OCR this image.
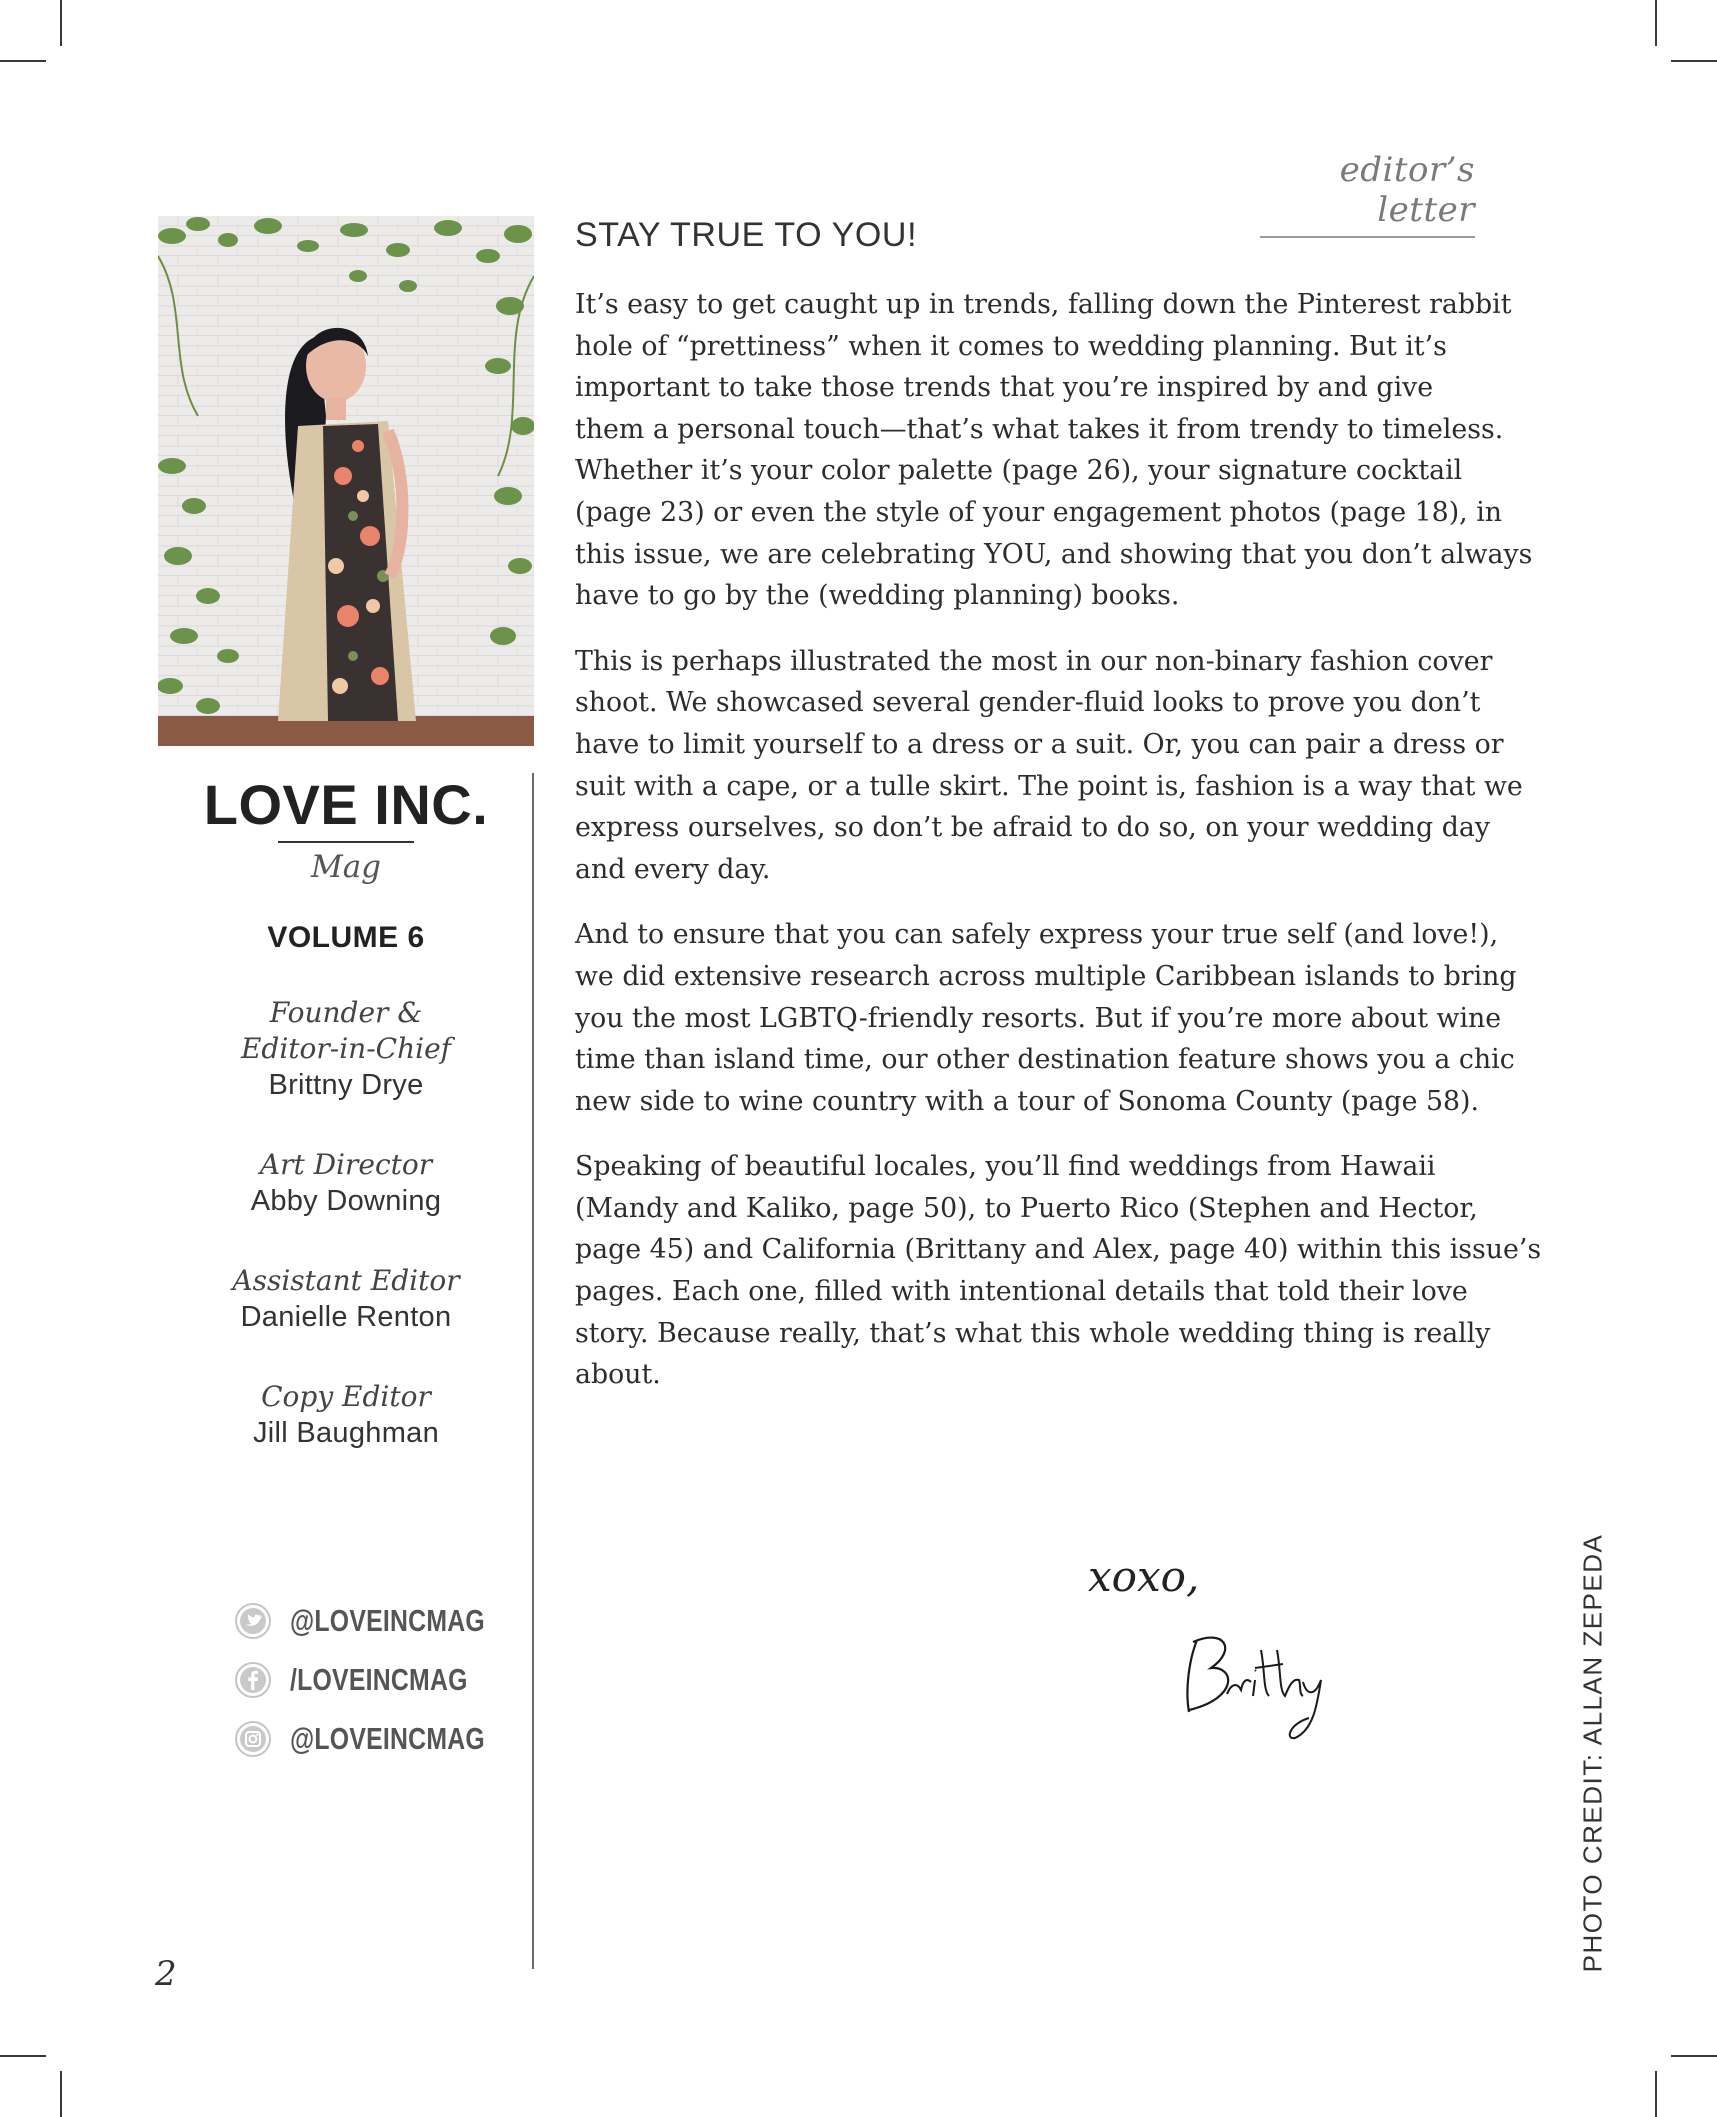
editor’s letter
LOVE INC.
Mag
VOLUME 6
Founder &
Editor-in-Chief
Brittny Drye
Art Director
Abby Downing
Assistant Editor
Danielle Renton
Copy Editor
Jill Baughman
@LOVEINCMAG
/LOVEINCMAG
@LOVEINCMAG
STAY TRUE TO YOU!

It’s easy to get caught up in trends, falling down the Pinterest rabbit
hole of “prettiness” when it comes to wedding planning. But it’s
important to take those trends that you’re inspired by and give
them a personal touch—that’s what takes it from trendy to timeless.
Whether it’s your color palette (page 26), your signature cocktail
(page 23) or even the style of your engagement photos (page 18), in
this issue, we are celebrating YOU, and showing that you don’t always
have to go by the (wedding planning) books.

This is perhaps illustrated the most in our non-binary fashion cover
shoot. We showcased several gender-fluid looks to prove you don’t
have to limit yourself to a dress or a suit. Or, you can pair a dress or
suit with a cape, or a tulle skirt. The point is, fashion is a way that we
express ourselves, so don’t be afraid to do so, on your wedding day
and every day.

And to ensure that you can safely express your true self (and love!),
we did extensive research across multiple Caribbean islands to bring
you the most LGBTQ-friendly resorts. But if you’re more about wine
time than island time, our other destination feature shows you a chic
new side to wine country with a tour of Sonoma County (page 58).

Speaking of beautiful locales, you’ll find weddings from Hawaii
(Mandy and Kaliko, page 50), to Puerto Rico (Stephen and Hector,
page 45) and California (Brittany and Alex, page 40) within this issue’s
pages. Each one, filled with intentional details that told their love
story. Because really, that’s what this whole wedding thing is really
about.

xoxo,	PHOTO CREDIT: ALLAN ZEPEDA
2
